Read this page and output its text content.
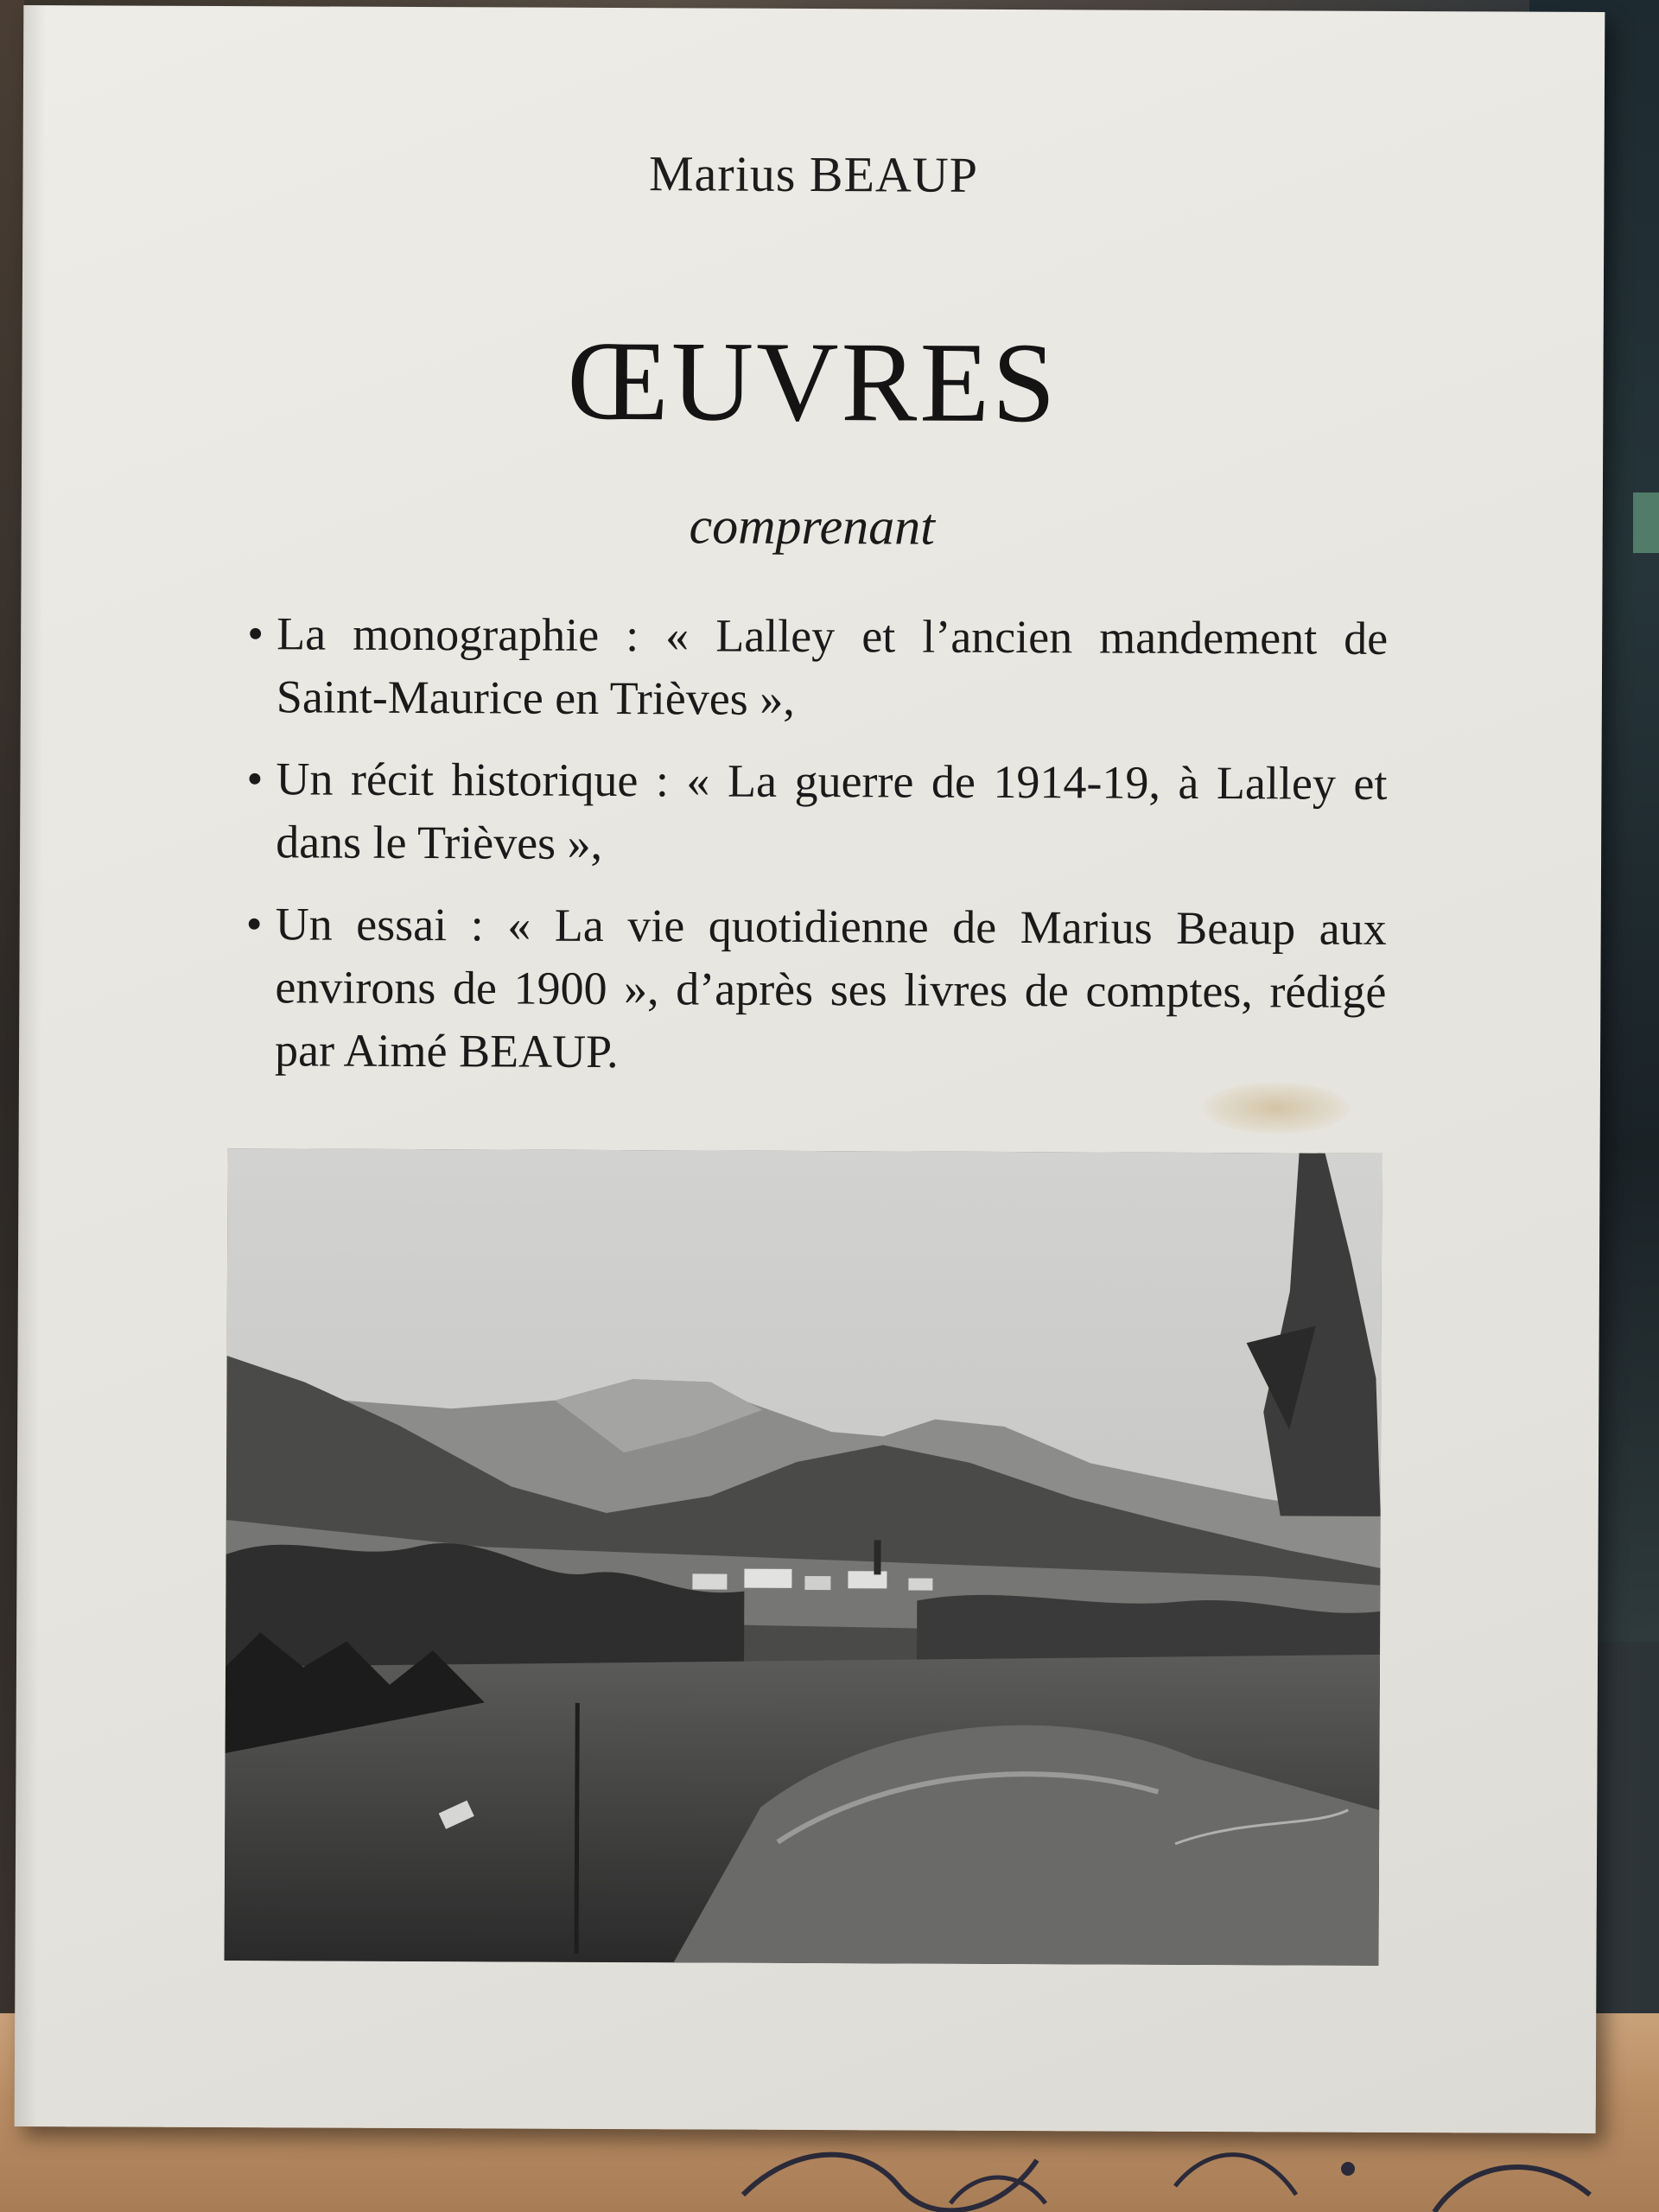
Marius BEAUP

ŒUVRES

comprenant

• La monographie : « Lalley et l’ancien mandement de Saint-Maurice en Trièves »,
• Un récit historique : « La guerre de 1914-19, à Lalley et dans le Trièves »,
• Un essai : « La vie quotidienne de Marius Beaup aux environs de 1900 », d’après ses livres de comptes, rédigé par Aimé BEAUP.
